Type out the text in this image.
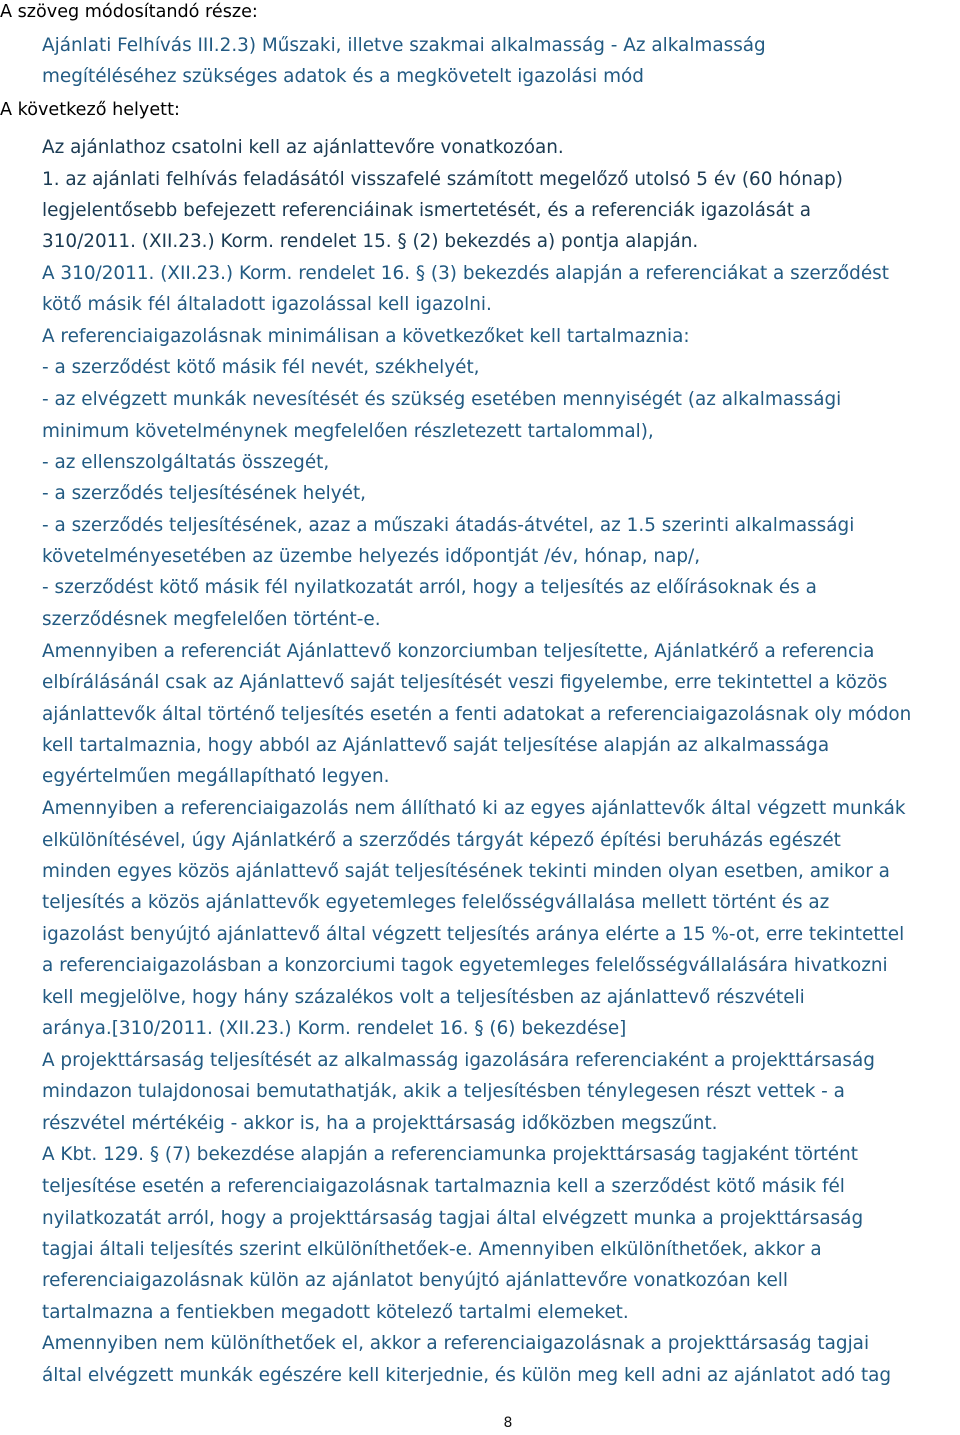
A szöveg módosítandó része:

Ajánlati Felhívás III.2.3) Műszaki, illetve szakmai alkalmasság - Az alkalmasság

megítéléséhez szükséges adatok és a megkövetelt igazolási mód

A következő helyett:

Az ajánlathoz csatolni kell az ajánlattevőre vonatkozóan.

1. az ajánlati felhívás feladásától visszafelé számított megelőző utolsó 5 év (60 hónap)

legjelentősebb befejezett referenciáinak ismertetését, és a referenciák igazolását a

310/2011. (XII.23.) Korm. rendelet 15. § (2) bekezdés a) pontja alapján.

A 310/2011. (XII.23.) Korm. rendelet 16. § (3) bekezdés alapján a referenciákat a szerződést

kötő másik fél általadott igazolással kell igazolni.

A referenciaigazolásnak minimálisan a következőket kell tartalmaznia:

- a szerződést kötő másik fél nevét, székhelyét,

- az elvégzett munkák nevesítését és szükség esetében mennyiségét (az alkalmassági

minimum követelménynek megfelelően részletezett tartalommal),

- az ellenszolgáltatás összegét,

- a szerződés teljesítésének helyét,

- a szerződés teljesítésének, azaz a műszaki átadás-átvétel, az 1.5 szerinti alkalmassági

követelményesetében az üzembe helyezés időpontját /év, hónap, nap/,

- szerződést kötő másik fél nyilatkozatát arról, hogy a teljesítés az előírásoknak és a

szerződésnek megfelelően történt-e.

Amennyiben a referenciát Ajánlattevő konzorciumban teljesítette, Ajánlatkérő a referencia

elbírálásánál csak az Ajánlattevő saját teljesítését veszi figyelembe, erre tekintettel a közös

ajánlattevők által történő teljesítés esetén a fenti adatokat a referenciaigazolásnak oly módon

kell tartalmaznia, hogy abból az Ajánlattevő saját teljesítése alapján az alkalmassága

egyértelműen megállapítható legyen.

Amennyiben a referenciaigazolás nem állítható ki az egyes ajánlattevők által végzett munkák

elkülönítésével, úgy Ajánlatkérő a szerződés tárgyát képező építési beruházás egészét

minden egyes közös ajánlattevő saját teljesítésének tekinti minden olyan esetben, amikor a

teljesítés a közös ajánlattevők egyetemleges felelősségvállalása mellett történt és az

igazolást benyújtó ajánlattevő által végzett teljesítés aránya elérte a 15 %-ot, erre tekintettel

a referenciaigazolásban a konzorciumi tagok egyetemleges felelősségvállalására hivatkozni

kell megjelölve, hogy hány százalékos volt a teljesítésben az ajánlattevő részvételi

aránya.[310/2011. (XII.23.) Korm. rendelet 16. § (6) bekezdése]

A projekttársaság teljesítését az alkalmasság igazolására referenciaként a projekttársaság

mindazon tulajdonosai bemutathatják, akik a teljesítésben ténylegesen részt vettek - a

részvétel mértékéig - akkor is, ha a projekttársaság időközben megszűnt.

A Kbt. 129. § (7) bekezdése alapján a referenciamunka projekttársaság tagjaként történt

teljesítése esetén a referenciaigazolásnak tartalmaznia kell a szerződést kötő másik fél

nyilatkozatát arról, hogy a projekttársaság tagjai által elvégzett munka a projekttársaság

tagjai általi teljesítés szerint elkülöníthetőek-e. Amennyiben elkülöníthetőek, akkor a

referenciaigazolásnak külön az ajánlatot benyújtó ajánlattevőre vonatkozóan kell

tartalmazna a fentiekben megadott kötelező tartalmi elemeket.

Amennyiben nem különíthetőek el, akkor a referenciaigazolásnak a projekttársaság tagjai

által elvégzett munkák egészére kell kiterjednie, és külön meg kell adni az ajánlatot adó tag

8
